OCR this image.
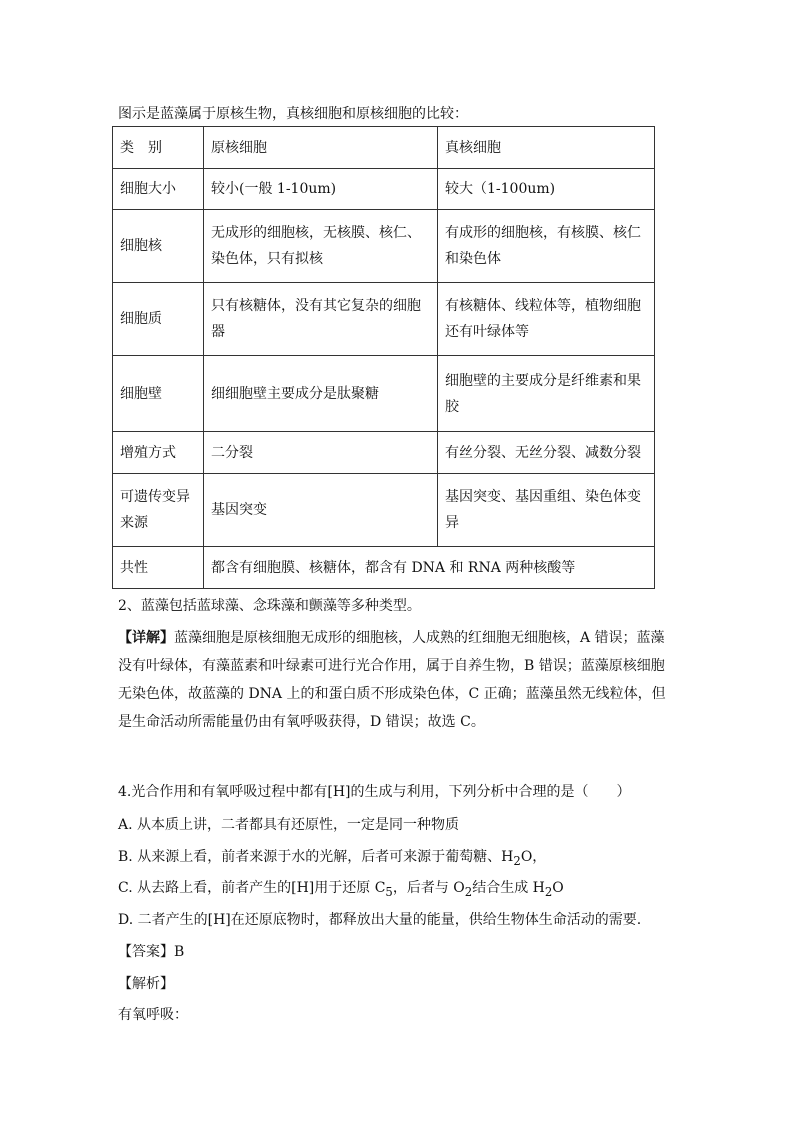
图示是蓝藻属于原核生物，真核细胞和原核细胞的比较：
类　别	原核细胞	真核细胞
细胞大小	较小(一般 1-10um)	较大（1-100um)
细胞核	无成形的细胞核，无核膜、核仁、染色体，只有拟核	有成形的细胞核，有核膜、核仁和染色体
细胞质	只有核糖体，没有其它复杂的细胞器	有核糖体、线粒体等，植物细胞还有叶绿体等
细胞壁	细细胞壁主要成分是肽聚糖	细胞壁的主要成分是纤维素和果胶
增殖方式	二分裂	有丝分裂、无丝分裂、减数分裂
可遗传变异来源	基因突变	基因突变、基因重组、染色体变异
共性	都含有细胞膜、核糖体，都含有 DNA 和 RNA 两种核酸等	
2、蓝藻包括蓝球藻、念珠藻和颤藻等多种类型。
【详解】蓝藻细胞是原核细胞无成形的细胞核，人成熟的红细胞无细胞核，A 错误；蓝藻没有叶绿体，有藻蓝素和叶绿素可进行光合作用，属于自养生物，B 错误；蓝藻原核细胞无染色体，故蓝藻的 DNA 上的和蛋白质不形成染色体，C 正确；蓝藻虽然无线粒体，但是生命活动所需能量仍由有氧呼吸获得，D 错误；故选 C。
4.光合作用和有氧呼吸过程中都有[H]的生成与利用，下列分析中合理的是（　　）
A. 从本质上讲，二者都具有还原性，一定是同一种物质
B. 从来源上看，前者来源于水的光解，后者可来源于葡萄糖、$H_2O$，
C. 从去路上看，前者产生的[H]用于还原 $C_5$，后者与 $O_2$结合生成 $H_2O$
D. 二者产生的[H]在还原底物时，都释放出大量的能量，供给生物体生命活动的需要.
【答案】B
【解析】
有氧呼吸：
